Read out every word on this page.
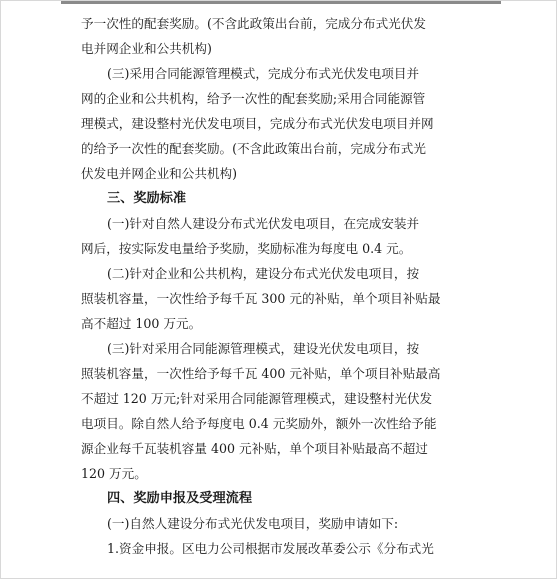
予一次性的配套奖励。(不含此政策出台前，完成分布式光伏发
电并网企业和公共机构)
(三)采用合同能源管理模式，完成分布式光伏发电项目并
网的企业和公共机构，给予一次性的配套奖励;采用合同能源管
理模式，建设整村光伏发电项目，完成分布式光伏发电项目并网
的给予一次性的配套奖励。(不含此政策出台前，完成分布式光
伏发电并网企业和公共机构)
三、奖励标准
(一)针对自然人建设分布式光伏发电项目，在完成安装并
网后，按实际发电量给予奖励，奖励标准为每度电 0.4 元。
(二)针对企业和公共机构，建设分布式光伏发电项目，按
照装机容量，一次性给予每千瓦 300 元的补贴，单个项目补贴最
高不超过 100 万元。
(三)针对采用合同能源管理模式，建设光伏发电项目，按
照装机容量，一次性给予每千瓦 400 元补贴，单个项目补贴最高
不超过 120 万元;针对采用合同能源管理模式，建设整村光伏发
电项目。除自然人给予每度电 0.4 元奖励外，额外一次性给予能
源企业每千瓦装机容量 400 元补贴，单个项目补贴最高不超过
120 万元。
四、奖励申报及受理流程
(一)自然人建设分布式光伏发电项目，奖励申请如下:
1.资金申报。区电力公司根据市发展改革委公示《分布式光
